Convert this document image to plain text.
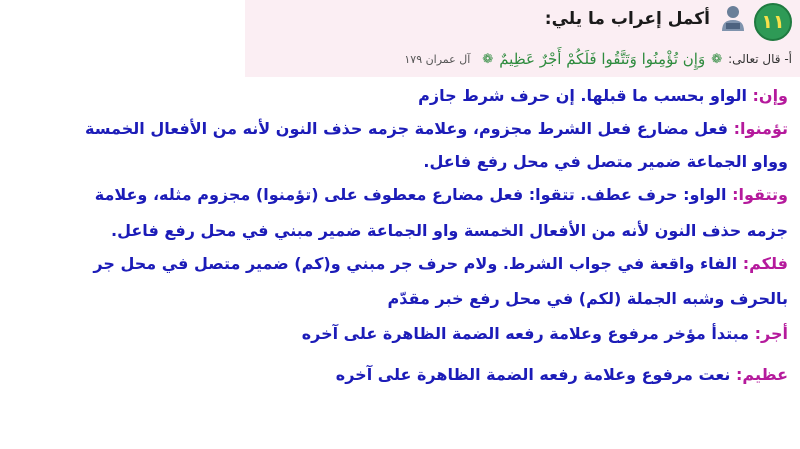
١١
أكمل إعراب ما يلي:
أ- قال تعالى:
❁
وَإِن تُؤْمِنُوا وَتَتَّقُوا فَلَكُمْ أَجْرٌ عَظِيمٌ
❁
آل عمران ١٧٩
وإن: الواو بحسب ما قبلها. إن حرف شرط جازم
تؤمنوا: فعل مضارع فعل الشرط مجزوم، وعلامة جزمه حذف النون لأنه من الأفعال الخمسة
وواو الجماعة ضمير متصل في محل رفع فاعل.
وتتقوا: الواو: حرف عطف. تتقوا: فعل مضارع معطوف على (تؤمنوا) مجزوم مثله، وعلامة
جزمه حذف النون لأنه من الأفعال الخمسة واو الجماعة ضمير مبني في محل رفع فاعل.
فلكم: الفاء واقعة في جواب الشرط. ولام حرف جر مبني و(كم) ضمير متصل في محل جر
بالحرف وشبه الجملة (لكم) في محل رفع خبر مقدّم
أجر: مبتدأ مؤخر مرفوع وعلامة رفعه الضمة الظاهرة على آخره
عظيم: نعت مرفوع وعلامة رفعه الضمة الظاهرة على آخره
